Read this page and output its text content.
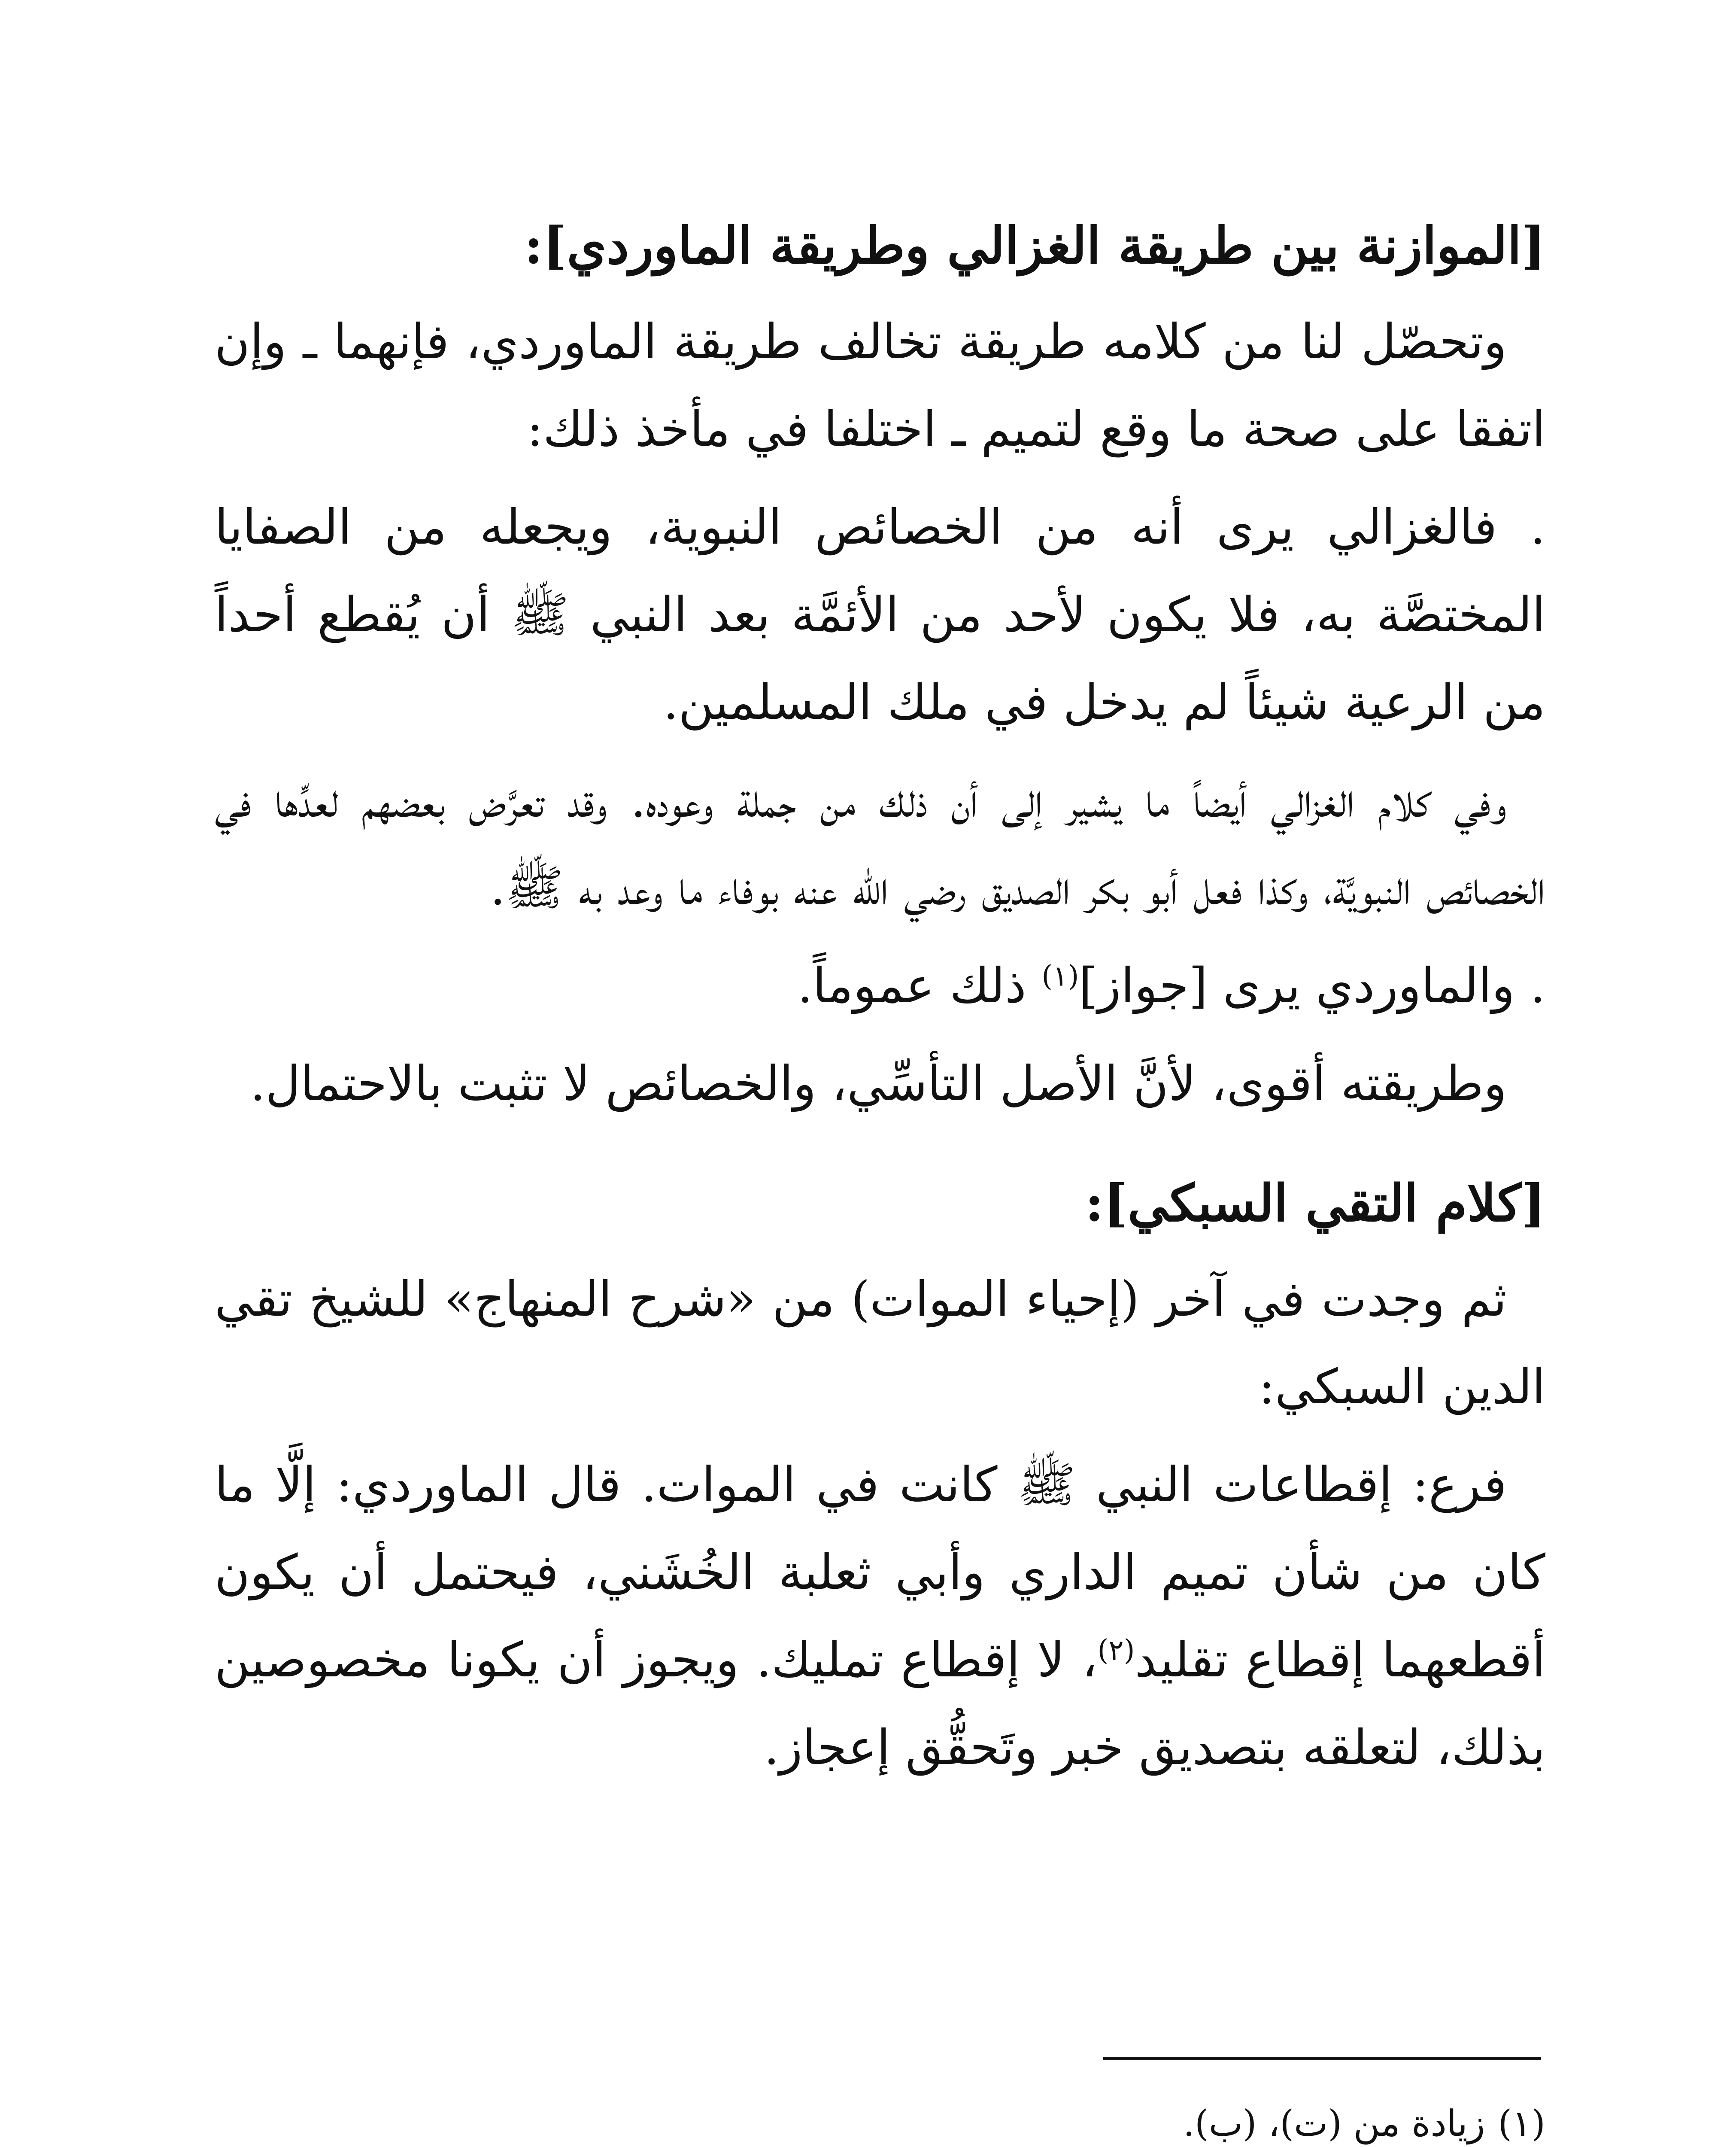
[الموازنة بين طريقة الغزالي وطريقة الماوردي]:

وتحصّل لنا من كلامه طريقة تخالف طريقة الماوردي، فإنهما ـ وإن اتفقا على صحة ما وقع لتميم ـ اختلفا في مأخذ ذلك:

. فالغزالي يرى أنه من الخصائص النبوية، ويجعله من الصفايا المختصَّة به، فلا يكون لأحد من الأئمَّة بعد النبي ﷺ أن يُقطع أحداً من الرعية شيئاً لم يدخل في ملك المسلمين.

وفي كلام الغزالي أيضاً ما يشير إلى أن ذلك من جملة وعوده. وقد تعرَّض بعضهم لعدِّها في الخصائص النبويَّة، وكذا فعل أبو بكر الصديق رضي الله عنه بوفاء ما وعد به ﷺ.

. والماوردي يرى [جواز]$^{(١)}$ ذلك عموماً.

وطريقته أقوى، لأنَّ الأصل التأسِّي، والخصائص لا تثبت بالاحتمال.

[كلام التقي السبكي]:

ثم وجدت في آخر (إحياء الموات) من «شرح المنهاج» للشيخ تقي الدين السبكي:

فرع: إقطاعات النبي ﷺ كانت في الموات. قال الماوردي: إلَّا ما كان من شأن تميم الداري وأبي ثعلبة الخُشَني، فيحتمل أن يكون أقطعهما إقطاع تقليد$^{(٢)}$، لا إقطاع تمليك. ويجوز أن يكونا مخصوصين بذلك، لتعلقه بتصديق خبر وتَحقُّق إعجاز.

(١)زيادة من (ت)، (ب).
